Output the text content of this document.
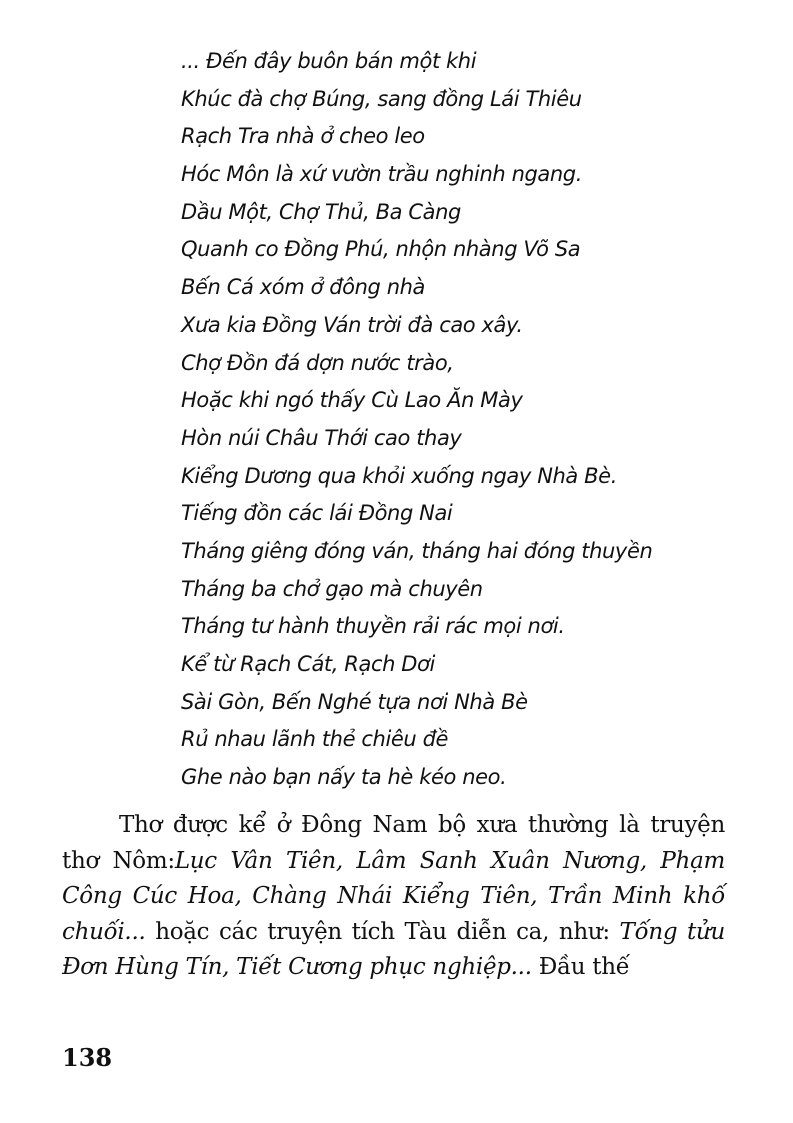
... Đến đây buôn bán một khi
Khúc đà chợ Búng, sang đồng Lái Thiêu
Rạch Tra nhà ở cheo leo
Hóc Môn là xứ vườn trầu nghinh ngang.
Dầu Một, Chợ Thủ, Ba Càng
Quanh co Đồng Phú, nhộn nhàng Võ Sa
Bến Cá xóm ở đông nhà
Xưa kia Đồng Ván trời đà cao xây.
Chợ Đồn đá dợn nước trào,
Hoặc khi ngó thấy Cù Lao Ăn Mày
Hòn núi Châu Thới cao thay
Kiểng Dương qua khỏi xuống ngay Nhà Bè.
Tiếng đồn các lái Đồng Nai
Tháng giêng đóng ván, tháng hai đóng thuyền
Tháng ba chở gạo mà chuyên
Tháng tư hành thuyền rải rác mọi nơi.
Kể từ Rạch Cát, Rạch Dơi
Sài Gòn, Bến Nghé tựa nơi Nhà Bè
Rủ nhau lãnh thẻ chiêu đề
Ghe nào bạn nấy ta hè kéo neo.

Thơ được kể ở Đông Nam bộ xưa thường là truyện thơ Nôm:Lục Vân Tiên, Lâm Sanh Xuân Nương, Phạm Công Cúc Hoa, Chàng Nhái Kiểng Tiên, Trần Minh khố chuối... hoặc các truyện tích Tàu diễn ca, như: Tống tửu Đơn Hùng Tín, Tiết Cương phục nghiệp... Đầu thế

138
